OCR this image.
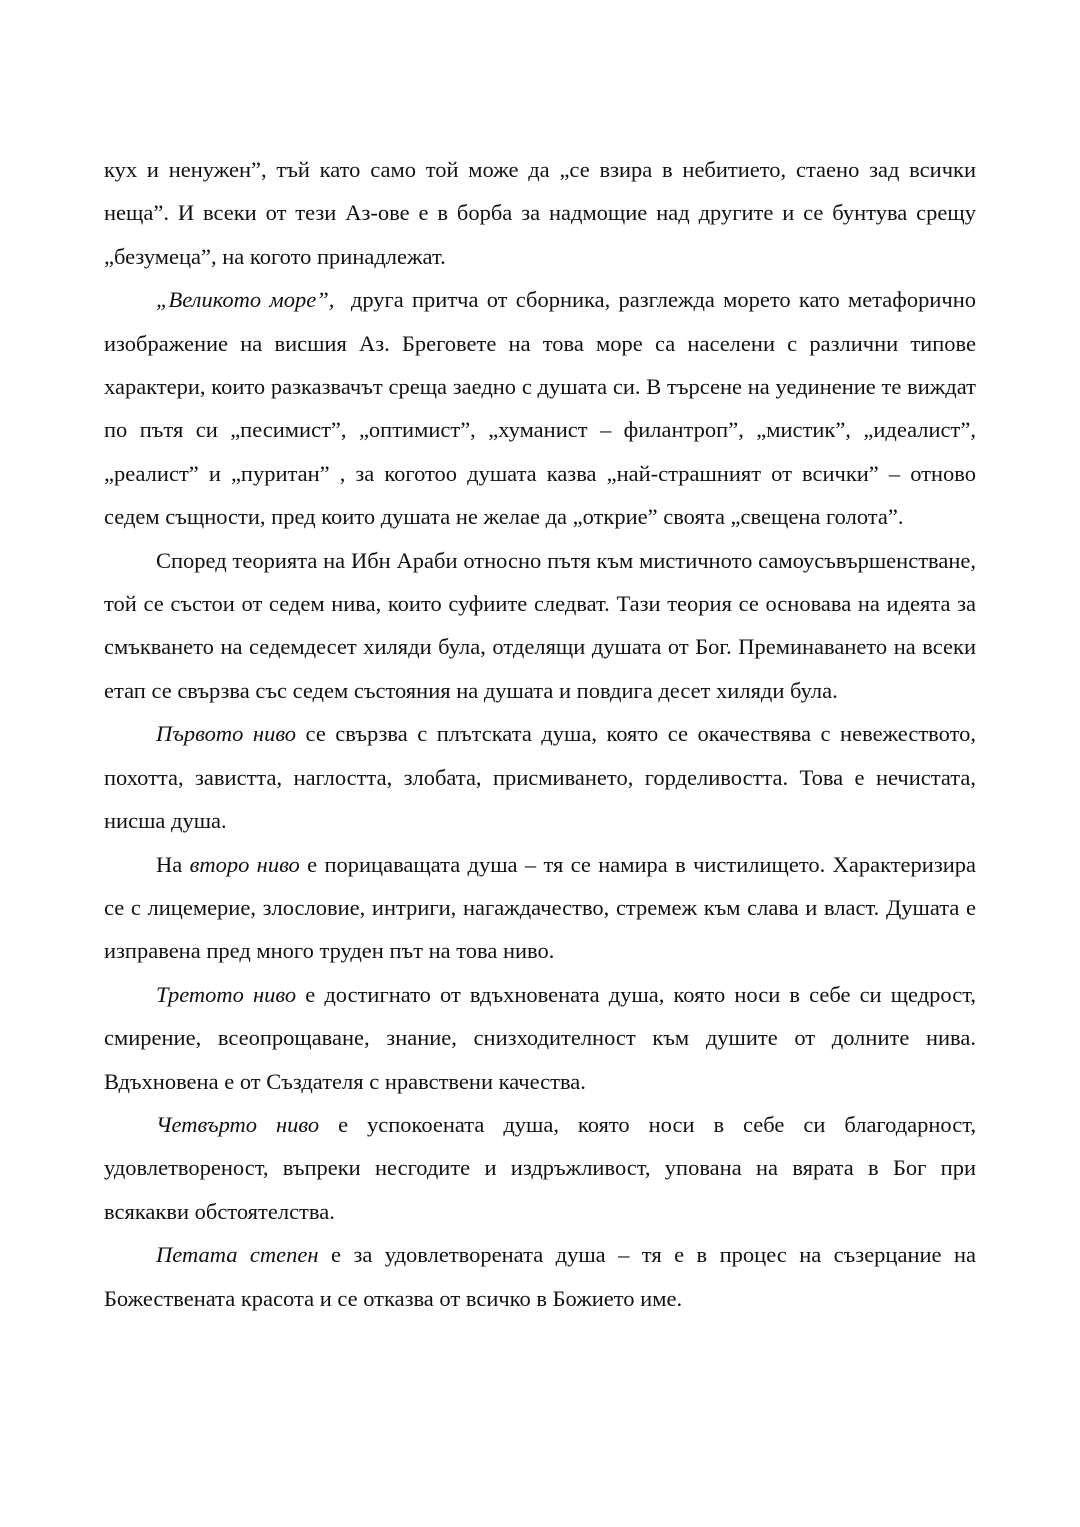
кух и ненужен”, тъй като само той може да „се взира в небитието, стаено зад всички неща”. И всеки от тези Аз-ове е в борба за надмощие над другите и се бунтува срещу „безумеца”, на когото принадлежат.

„Великото море”,  друга притча от сборника, разглежда морето като метафорично изображение на висшия Аз. Бреговете на това море са населени с различни типове характери, които разказвачът среща заедно с душата си. В търсене на уединение те виждат по пътя си „песимист”, „оптимист”, „хуманист – филантроп”, „мистик”, „идеалист”, „реалист” и „пуритан” , за коготоо душата казва „най-страшният от всички” – отново седем същности, пред които душата не желае да „открие” своята „свещена голота”.

Според теорията на Ибн Араби относно пътя към мистичното самоусъвършенстване, той се състои от седем нива, които суфиите следват. Тази теория се основава на идеята за смъкването на седемдесет хиляди була, отделящи душата от Бог. Преминаването на всеки етап се свързва със седем състояния на душата и повдига десет хиляди була.

Първото ниво се свързва с плътската душа, която се окачествява с невежеството, похотта, завистта, наглостта, злобата, присмиването, горделивостта. Това е нечистата, нисша душа.

На второ ниво е порицаващата душа – тя се намира в чистилището. Характеризира се с лицемерие, злословие, интриги, нагаждачество, стремеж към слава и власт. Душата е изправена пред много труден път на това ниво.

Третото ниво е достигнато от вдъхновената душа, която носи в себе си щедрост, смирение, всеопрощаване, знание, снизходителност към душите от долните нива. Вдъхновена е от Създателя с нравствени качества.

Четвърто ниво е успокоената душа, която носи в себе си благодарност, удовлетвореност, въпреки несгодите и издръжливост, упована на вярата в Бог при всякакви обстоятелства.

Петата степен е за удовлетворената душа – тя е в процес на съзерцание на Божествената красота и се отказва от всичко в Божието име.
